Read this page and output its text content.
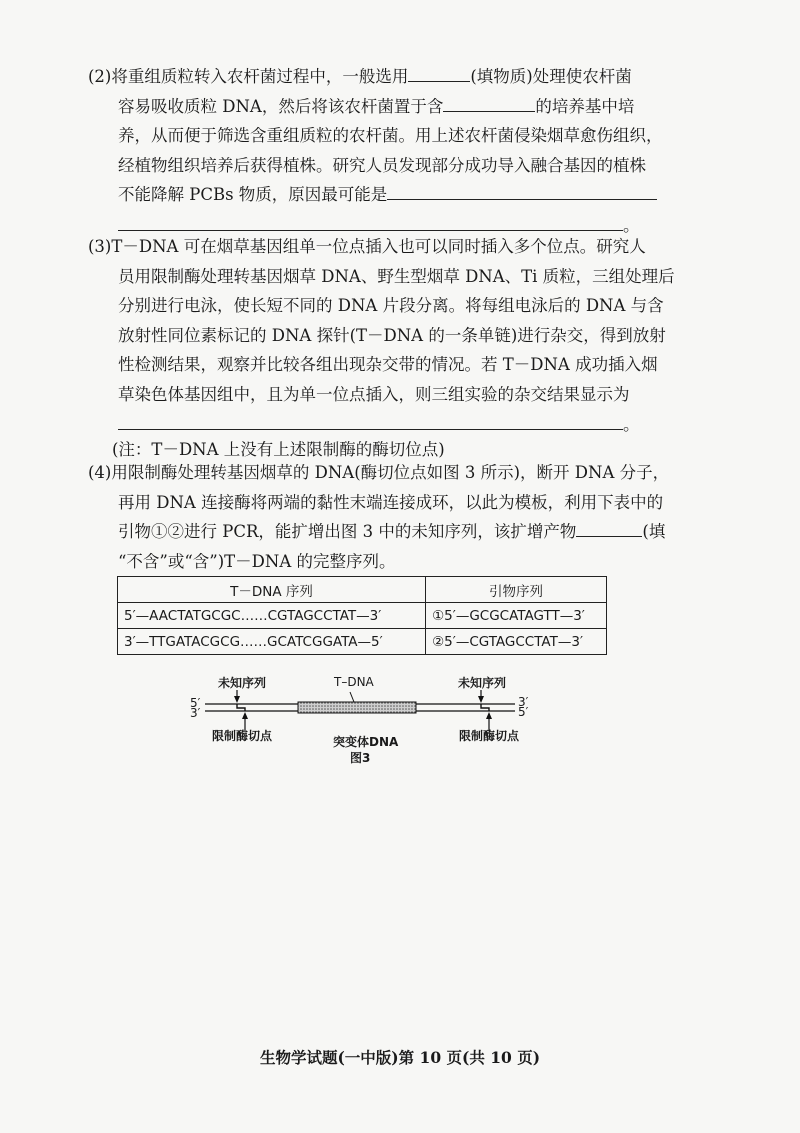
(2)将重组质粒转入农杆菌过程中，一般选用	(填物质)处理使农杆菌
容易吸收质粒 DNA，然后将该农杆菌置于含	的培养基中培
养，从而便于筛选含重组质粒的农杆菌。用上述农杆菌侵染烟草愈伤组织，
经植物组织培养后获得植株。研究人员发现部分成功导入融合基因的植株
不能降解 PCBs 物质，原因最可能是
。
(3)T－DNA 可在烟草基因组单一位点插入也可以同时插入多个位点。研究人
员用限制酶处理转基因烟草 DNA、野生型烟草 DNA、Ti 质粒，三组处理后
分别进行电泳，使长短不同的 DNA 片段分离。将每组电泳后的 DNA 与含
放射性同位素标记的 DNA 探针(T－DNA 的一条单链)进行杂交，得到放射
性检测结果，观察并比较各组出现杂交带的情况。若 T－DNA 成功插入烟
草染色体基因组中，且为单一位点插入，则三组实验的杂交结果显示为
。
(注：T－DNA 上没有上述限制酶的酶切位点)
(4)用限制酶处理转基因烟草的 DNA(酶切位点如图 3 所示)，断开 DNA 分子，
再用 DNA 连接酶将两端的黏性末端连接成环，以此为模板，利用下表中的
引物①②进行 PCR，能扩增出图 3 中的未知序列，该扩增产物	(填
“不含”或“含”)T－DNA 的完整序列。
T－DNA 序列	引物序列
5′—AACTATGCGC……CGTAGCCTAT—3′	①5′—GCGCATAGTT—3′
3′—TTGATACGCG……GCATCGGATA—5′	②5′—CGTAGCCTAT—3′
未知序列	T–DNA	未知序列
3′
5′
5′
3′
限制酶切点	突变体DNA	限制酶切点
图3
生物学试题(一中版)第 10 页(共 10 页)
